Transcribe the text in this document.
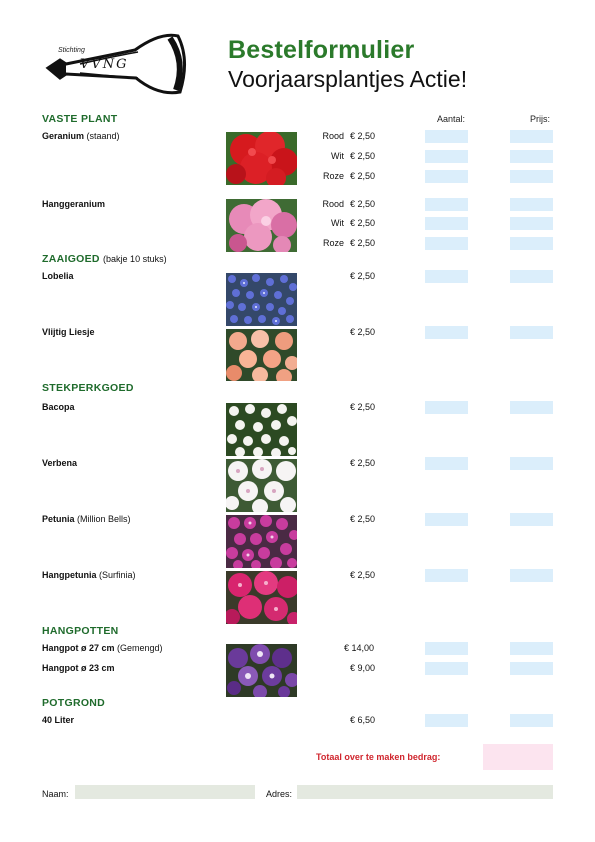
Stichting
VVNG
Bestelformulier
Voorjaarsplantjes Actie!
Aantal:	Prijs:
VASTE PLANT
Geranium (staand)	Rood € 2,50
Wit € 2,50
Roze € 2,50
Hanggeranium	Rood € 2,50
Wit € 2,50
Roze € 2,50
ZAAIGOED (bakje 10 stuks)
Lobelia	€ 2,50
Vlijtig Liesje	€ 2,50
STEKPERKGOED
Bacopa	€ 2,50
Verbena	€ 2,50
Petunia (Million Bells)	€ 2,50
Hangpetunia (Surfinia)	€ 2,50
HANGPOTTEN
Hangpot ø 27 cm (Gemengd)	€ 14,00
Hangpot ø 23 cm	€ 9,00
POTGROND
40 Liter	€ 6,50
Totaal over te maken bedrag:
Naam:	Adres:
